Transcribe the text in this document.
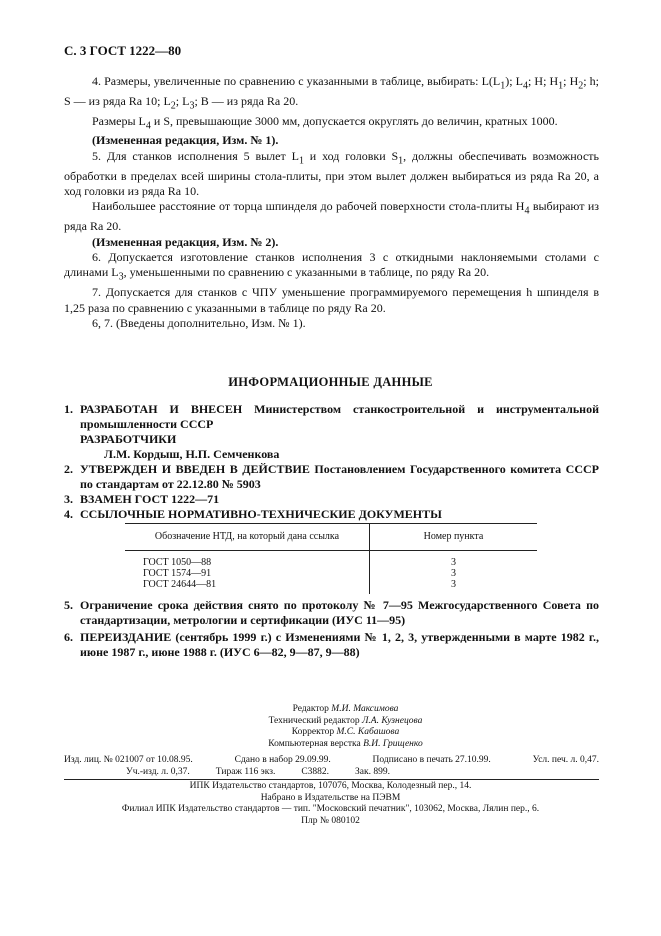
С. 3 ГОСТ 1222—80

4. Размеры, увеличенные по сравнению с указанными в таблице, выбирать: $L(L_1)$; $L_4$; H; $H_1$; $H_2$; h; S — из ряда Ra 10; $L_2$; $L_3$; B — из ряда Ra 20.

Размеры $L_4$ и S, превышающие 3000 мм, допускается округлять до величин, кратных 1000.

(Измененная редакция, Изм. № 1).

5. Для станков исполнения 5 вылет $L_1$ и ход головки $S_1$, должны обеспечивать возможность обработки в пределах всей ширины стола-плиты, при этом вылет должен выбираться из ряда Ra 20, а ход головки из ряда Ra 10.

Наибольшее расстояние от торца шпинделя до рабочей поверхности стола-плиты $H_4$ выбирают из ряда Ra 20.

(Измененная редакция, Изм. № 2).

6. Допускается изготовление станков исполнения 3 с откидными наклоняемыми столами с длинами $L_3$, уменьшенными по сравнению с указанными в таблице, по ряду Ra 20.

7. Допускается для станков с ЧПУ уменьшение программируемого перемещения h шпинделя в 1,25 раза по сравнению с указанными в таблице по ряду Ra 20.

6, 7. (Введены дополнительно, Изм. № 1).

ИНФОРМАЦИОННЫЕ ДАННЫЕ
1. РАЗРАБОТАН И ВНЕСЕН Министерством станкостроительной и инструментальной промышленности СССР
РАЗРАБОТЧИКИ
Л.М. Кордыш, Н.П. Семченкова
2. УТВЕРЖДЕН И ВВЕДЕН В ДЕЙСТВИЕ Постановлением Государственного комитета СССР по стандартам от 22.12.80 № 5903
3. ВЗАМЕН ГОСТ 1222—71
4. ССЫЛОЧНЫЕ НОРМАТИВНО-ТЕХНИЧЕСКИЕ ДОКУМЕНТЫ
Обозначение НТД, на который дана ссылка	Номер пункта
ГОСТ 1050—88	3
ГОСТ 1574—91	3
ГОСТ 24644—81	3
5. Ограничение срока действия снято по протоколу № 7—95 Межгосударственного Совета по стандартизации, метрологии и сертификации (ИУС 11—95)
6. ПЕРЕИЗДАНИЕ (сентябрь 1999 г.) с Изменениями № 1, 2, 3, утвержденными в марте 1982 г., июне 1987 г., июне 1988 г. (ИУС 6—82, 9—87, 9—88)
Редактор М.И. Максимова
Технический редактор Л.А. Кузнецова
Корректор М.С. Кабашова
Компьютерная верстка В.И. Грищенко
Изд. лиц. № 021007 от 10.08.95.	Сдано в набор 29.09.99.	Подписано в печать 27.10.99.	Усл. печ. л. 0,47.
Уч.-изд. л. 0,37.	Тираж 116 экз.	С3882.	Зак. 899.
ИПК Издательство стандартов, 107076, Москва, Колодезный пер., 14.
Набрано в Издательстве на ПЭВМ
Филиал ИПК Издательство стандартов — тип. "Московский печатник", 103062, Москва, Лялин пер., 6.
Плр № 080102
